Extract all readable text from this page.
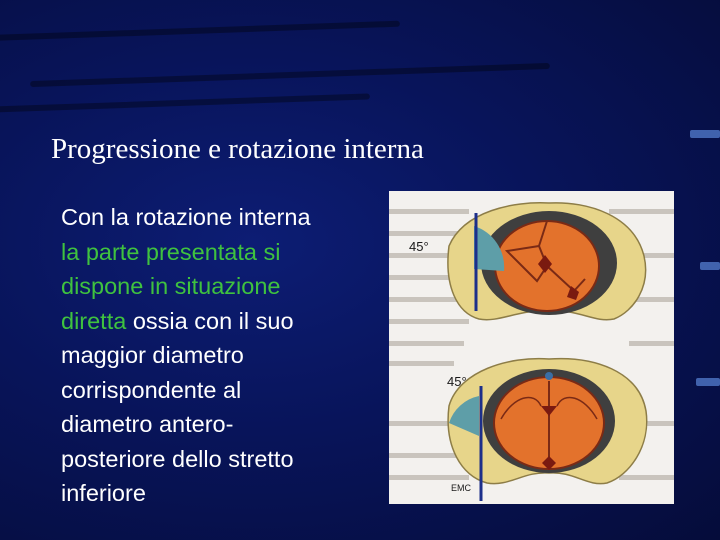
Progressione e rotazione interna
Con la rotazione interna
la parte presentata si
dispone in situazione
diretta ossia con il suo
maggior diametro
corrispondente al
diametro antero-
posteriore dello stretto
inferiore
45°
45°
EMC
